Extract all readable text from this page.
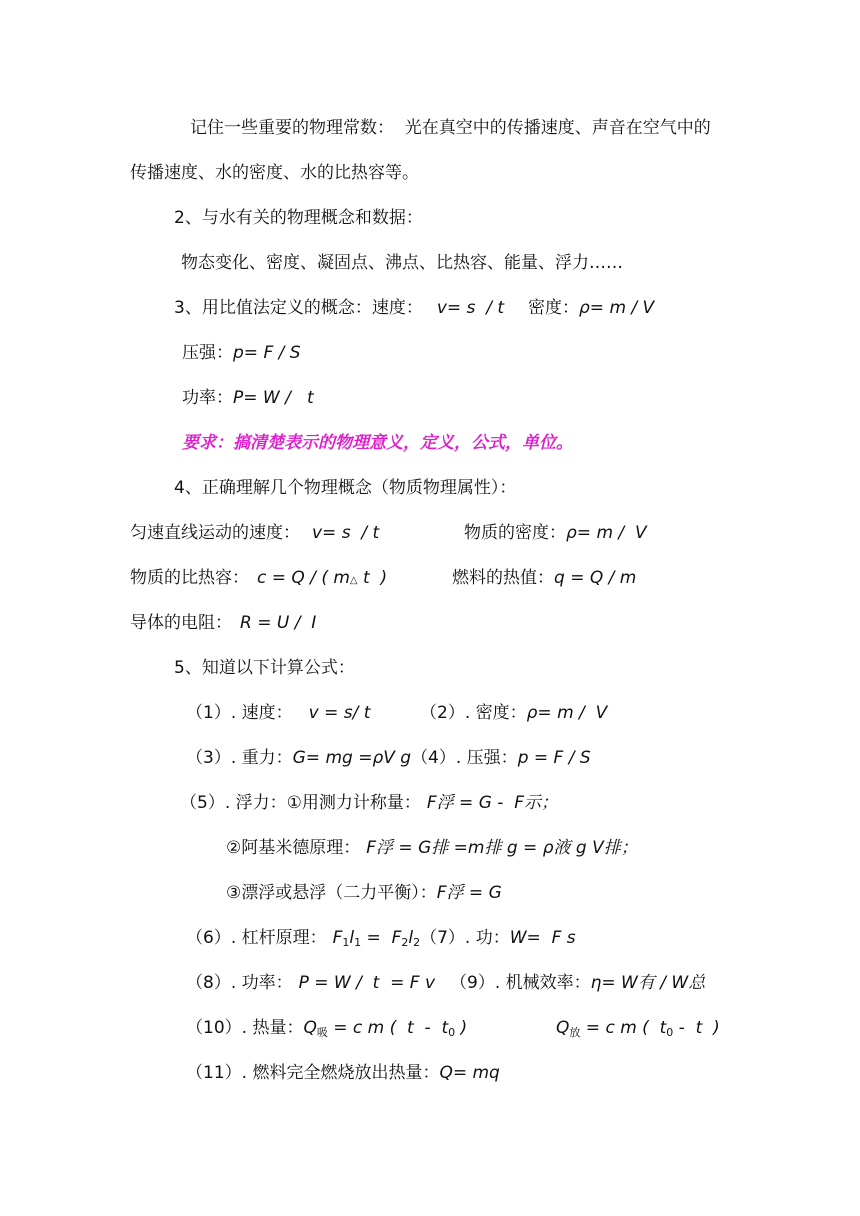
记住一些重要的物理常数：  光在真空中的传播速度、声音在空气中的
传播速度、水的密度、水的比热容等。
2、与水有关的物理概念和数据：
物态变化、密度、凝固点、沸点、比热容、能量、浮力……
3、用比值法定义的概念：速度： v= s  / t 密度：ρ= m / V
压强：p= F / S
功率：P= W /   t
要求：搞清楚表示的物理意义，定义，公式，单位。
4、正确理解几个物理概念（物质物理属性）：
匀速直线运动的速度： v= s  / t	物质的密度：ρ= m /  V
物质的比热容： c = Q / ( m△ t  )	燃料的热值：q = Q / m
导体的电阻： R = U /  I
5、知道以下计算公式：
（1）. 速度： v = s/ t	（2）. 密度：ρ= m /  V
（3）. 重力：G= mg =ρV g（4）. 压强：p = F / S
（5）. 浮力：①用测力计称量： F浮 = G -  F示；
②阿基米德原理： F浮 = G排 =m排 g = ρ液 g V排；
③漂浮或悬浮（二力平衡）：F浮 = G
（6）. 杠杆原理： $F_1l_1 = F_2l_2(7)$. 功：W=  F s
（8）. 功率： P = W /  t  = F v （9）. 机械效率：η= W有 / W总
（10）. 热量：$Q_吸 = c$ m (  t  -  $t_0$ )	$Q_放 = c$ m (  $t_0$ -  t  )
（11）. 燃料完全燃烧放出热量：Q= mq
